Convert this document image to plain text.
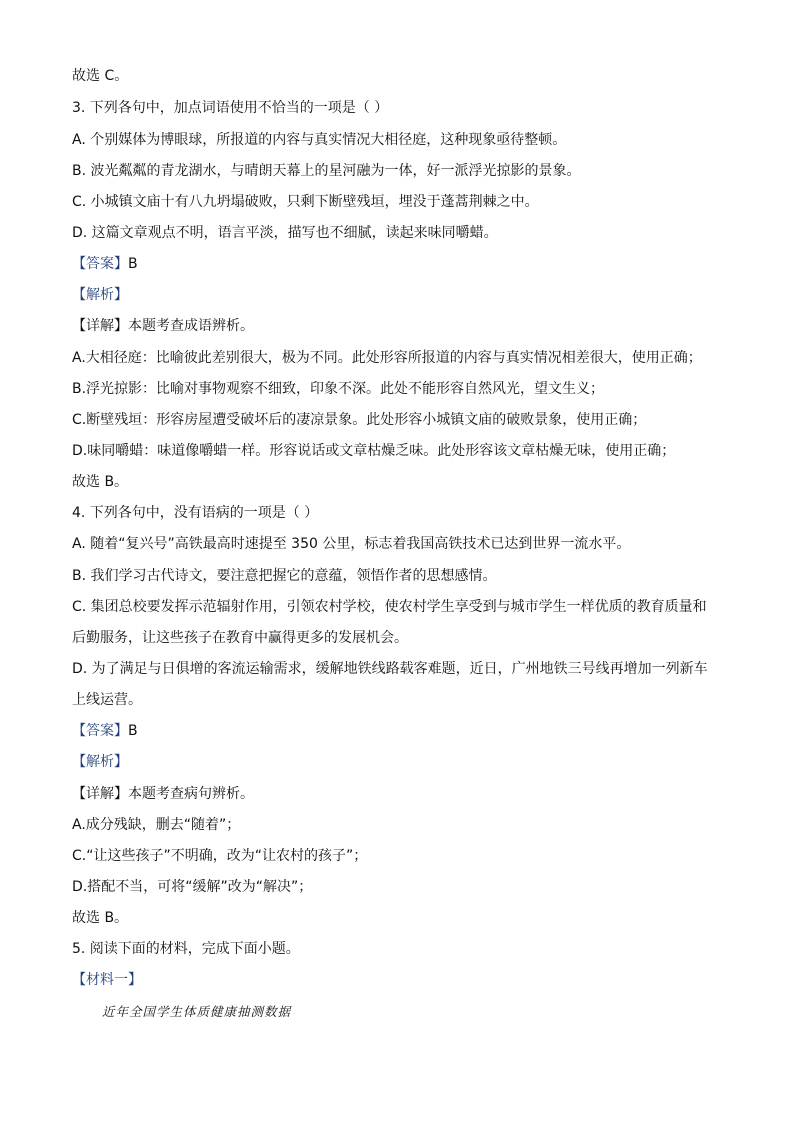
故选 C。

3. 下列各句中，加点词语使用不恰当的一项是（ ）

A. 个别媒体为博眼球，所报道的内容与真实情况大相径庭，这种现象亟待整顿。

B. 波光粼粼的青龙湖水，与晴朗天幕上的星河融为一体，好一派浮光掠影的景象。

C. 小城镇文庙十有八九坍塌破败，只剩下断壁残垣，埋没于蓬蒿荆棘之中。

D. 这篇文章观点不明，语言平淡，描写也不细腻，读起来味同嚼蜡。

【答案】B

【解析】

【详解】本题考查成语辨析。

A.大相径庭：比喻彼此差别很大，极为不同。此处形容所报道的内容与真实情况相差很大，使用正确；

B.浮光掠影：比喻对事物观察不细致，印象不深。此处不能形容自然风光，望文生义；

C.断壁残垣：形容房屋遭受破坏后的凄凉景象。此处形容小城镇文庙的破败景象，使用正确；

D.味同嚼蜡：味道像嚼蜡一样。形容说话或文章枯燥乏味。此处形容该文章枯燥无味，使用正确；

故选 B。

4. 下列各句中，没有语病的一项是（ ）

A. 随着“复兴号”高铁最高时速提至 350 公里，标志着我国高铁技术已达到世界一流水平。

B. 我们学习古代诗文，要注意把握它的意蕴，领悟作者的思想感情。

C. 集团总校要发挥示范辐射作用，引领农村学校，使农村学生享受到与城市学生一样优质的教育质量和

后勤服务，让这些孩子在教育中赢得更多的发展机会。

D. 为了满足与日俱增的客流运输需求，缓解地铁线路载客难题，近日，广州地铁三号线再增加一列新车

上线运营。

【答案】B

【解析】

【详解】本题考查病句辨析。

A.成分残缺，删去“随着”；

C.“让这些孩子”不明确，改为“让农村的孩子”；

D.搭配不当，可将“缓解”改为“解决”；

故选 B。

5. 阅读下面的材料，完成下面小题。

【材料一】

近年全国学生体质健康抽测数据
